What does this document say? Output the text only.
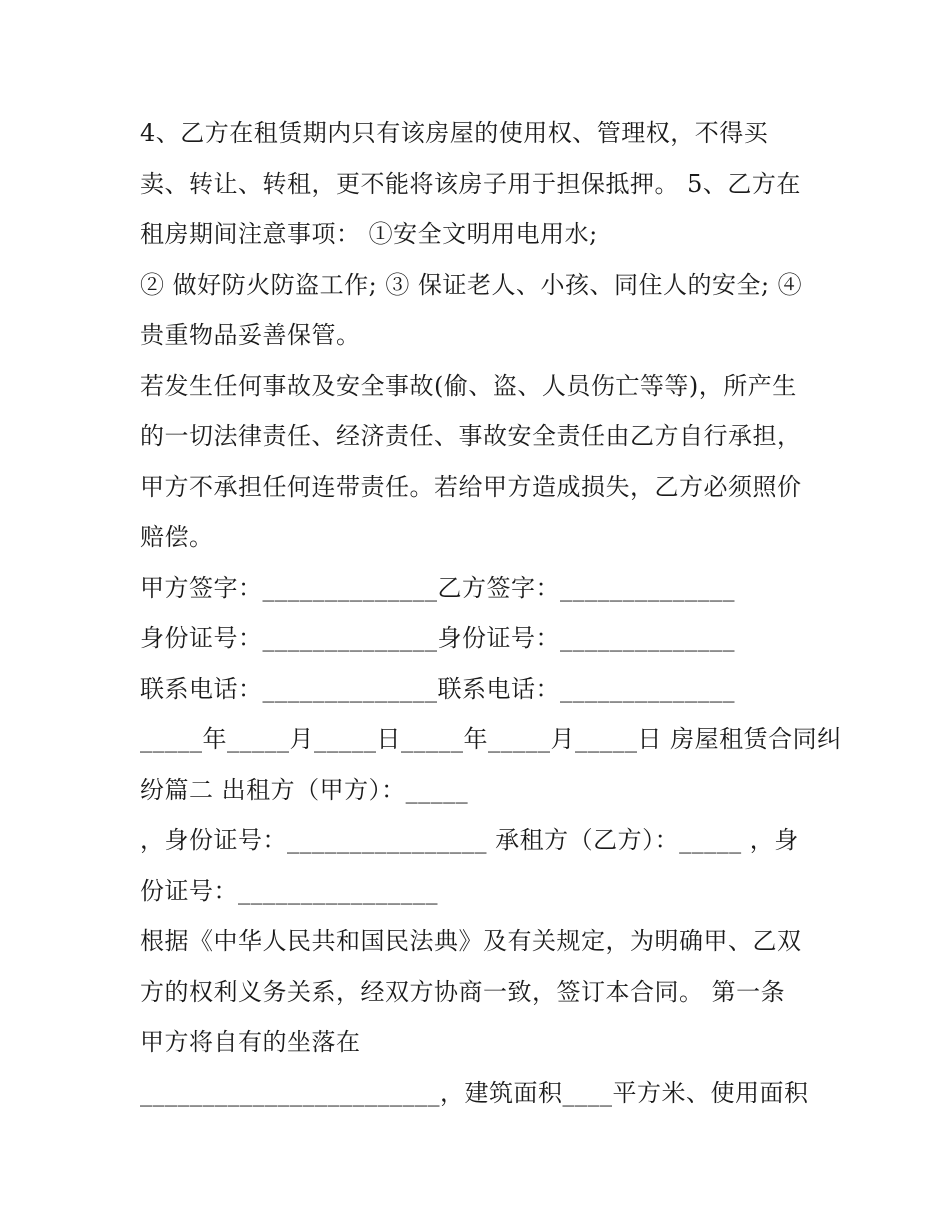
4、乙方在租赁期内只有该房屋的使用权、管理权，不得买
卖、转让、转租，更不能将该房子用于担保抵押。 5、乙方在
租房期间注意事项： ①安全文明用电用水;
② 做好防火防盗工作; ③ 保证老人、小孩、同住人的安全; ④
贵重物品妥善保管。
若发生任何事故及安全事故(偷、盗、人员伤亡等等)，所产生
的一切法律责任、经济责任、事故安全责任由乙方自行承担，
甲方不承担任何连带责任。若给甲方造成损失，乙方必须照价
赔偿。
甲方签字：______________乙方签字：______________
身份证号：______________身份证号：______________
联系电话：______________联系电话：______________
_____年_____月_____日_____年_____月_____日 房屋租赁合同纠
纷篇二 出租方（甲方）：_____
，身份证号：________________ 承租方（乙方）：_____ ，身
份证号：________________
根据《中华人民共和国民法典》及有关规定，为明确甲、乙双
方的权利义务关系，经双方协商一致，签订本合同。 第一条
甲方将自有的坐落在
________________________，建筑面积____平方米、使用面积
